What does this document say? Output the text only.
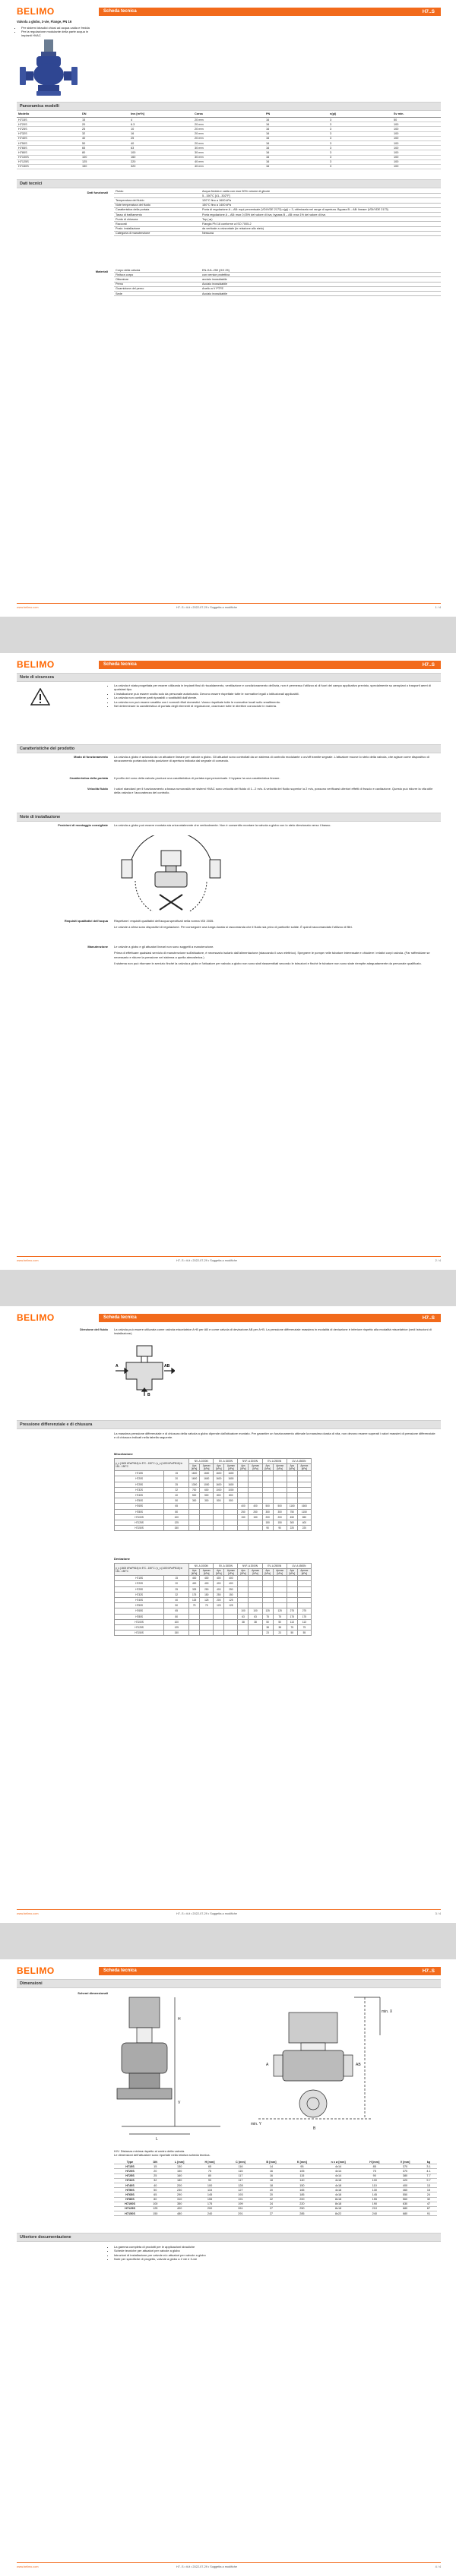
BELIMO	Scheda tecnica	H7..S
Valvola a globo, 3-vie, Flange, PN 16
• Per sistemi idraulici chiusi ad acqua calda e fredda
• Per la regolazione modulante della parte acqua in impianti HVAC
Panoramica modelli
Modello	DN	kvs [m³/h]	Corsa	PN	n(gl)	Sv min.
H715S	15	4	20 mm	16	3	50
H720S	20	6.3	20 mm	16	3	100
H725S	25	10	20 mm	16	3	100
H732S	32	16	20 mm	16	3	100
H740S	40	25	20 mm	16	3	100
H750S	50	40	20 mm	16	3	100
H765S	65	63	30 mm	16	3	100
H780S	80	100	30 mm	16	3	100
H7100S	100	160	30 mm	16	3	100
H7125S	125	220	40 mm	16	3	100
H7150S	150	320	40 mm	16	3	100
Dati tecnici
Dati funzionali	Fluido	Acqua fredda e calda con max 50% volume di glicole
	5...150°C [41...302°F]
Temperatura del fluido	120°C fino a 1600 kPa
Note temperatura del fluido	150°C fino a 1400 kPa
Caratteristica della portata	Porta di regolazione A – AB: equi percentuale (VDI/VDE 2173) n(gl) = 3, ottimizzata nel range di apertura. Bypass B – AB: lineare (VDI/VDE 2173)
Tasso di trafilamento	Porta regolazione A – AB: max 0,05% del valore di kvs; bypass B – AB: max 1% del valore di kvs
Punto di chiusura	Top (▲)
Raccordi	Flangia PN 16 conforme a ISO 7005-2
Posiz. installazione	da verticale a orizzontale (in relazione allo stelo)
Categoria di manutenzione	Nessuna
Materiali	Corpo della valvola	EN-GJL-250 (GG 25)
Finitura corpo	con vernice protettiva
Otturatore	acciaio inossidabile
Perno	Acciaio inossidabile
Guarnizione del perno	Anello a V PTFE
Sede	Acciaio inossidabile
www.belimo.com	H7..S • it-it • 2022-07-29 • Soggetta a modifiche	1 / 4
BELIMO	Scheda tecnica	H7..S
Note di sicurezza
• La valvola è stata progettata per essere utilizzata in impianti fissi di riscaldamento, ventilazione e condizionamento dell'aria, non è permesso l'utilizzo al di fuori del campo applicativo previsto, specialmente su aeroplani o trasporti aerei di qualsiasi tipo.
• L'installazione può essere svolta solo da personale autorizzato. Devono essere rispettate tutte le normative legali o istituzionali applicabili.
• La valvola non contiene parti riparabili o sostituibili dall'utente.
• La valvola non può essere smaltita con i normali rifiuti domestici. Vanno rispettate tutte le normative locali sullo smaltimento.
• Nel determinare la caratteristica di portata degli elementi di regolazione, osservare tutte le direttive conosciute in materia.
Caratteristiche del prodotto
Modo di funzionamento La valvola a globo è azionata da un attuatore lineare per valvole a globo. Gli attuatori sono controllati da un sistema di controllo modulante o on/off tramite segnale. L'attuatore muove lo stelo della valvola, che agisce come dispositivo di strozzamento portandolo nella posizione di apertura indicata dal segnale di comando.
Caratteristica della portata Il profilo del cono della valvola produce una caratteristica di portata equi-percentuale. Il bypass ha una caratteristica lineare.
Velocità fluido I valori standard per il funzionamento a bassa rumorosità nei sistemi HVAC sono velocità del fluido di 1...2 m/s. A velocità del fluido superiori a 2 m/s, possono verificarsi ulteriori effetti di fruscio e cavitazione. Questo può ridurre la vita utile della valvola e l'accuratezza del controllo.
Note di installazione
Posizioni di montaggio consigliate La valvola a globo può essere montata sia orizzontalmente che verticalmente. Non è consentito montare la valvola a globo con lo stelo direzionato verso il basso.
Requisiti qualitativi dell'acqua Rispettare i requisiti qualitativi dell'acqua specificati nella norma VDI 2035.

Le valvole a sfera sono dispositivi di regolazione. Per conseguire una lunga durata si raccomanda che il fluido sia privo di particelle solide. È quindi raccomandato l'utilizzo di filtri.

Manutenzione Le valvole a globo e gli attuatori lineari non sono soggetti a manutenzione.

Prima di effettuare qualsiasi servizio di manutenzione sull'attuatore, è necessario isolarlo dall'alimentazione (staccando il cavo elettrico). Spegnere le pompe nelle tubature interessate e chiudere i relativi corpi valvola. (Far raffreddare se necessario e ridurre la pressione nel sistema a quella atmosferica.)

Il sistema non può ritornare in servizio finché la valvola a globo e l'attuatore per valvola a globo non sono stati riassemblati secondo le istruzioni e finché le tubature non sono state riempite adeguatamente da personale qualificato.

www.belimo.com	H7..S • it-it • 2022-07-29 • Soggetta a modifiche	2 / 4
BELIMO	Scheda tecnica	H7..S
Direzione del fluido La valvola può essere utilizzata come valvola miscelatrice A+B per AB e come valvola di deviazione AB per A+B. La pressione differenziale massima in modalità di deviazione è inferiore rispetto alla modalità miscelatrice (vedi Istruzioni di installazione).
A	AB
B
Pressione differenziale e di chiusura
La massima pressione differenziale e di chiusura della valvola a globo dipende dall'attuatore montato. Per garantire un funzionamento ottimale la massima durata di vita, non devono essere superati i valori massimi di pressione differenziale e di chiusura indicati nella tabella seguente.
Miscelazione
p_s (1600 kPa/PN16) in 5°C...150°C / p_s (1400 kPa/PN16) in 151...150°C		NV..A 1000N		SV..A 1500N		NVF..A 2000N		EV..A 2500N		UV..A 4500N	
		Δps [kPa]	Δpmax [kPa]	Δps [kPa]	Δpmax [kPa]	Δps [kPa]	Δpmax [kPa]	Δps [kPa]	Δpmax [kPa]	Δps [kPa]	Δpmax [kPa]
H715S	15	1600	1600	1600	1600						
H720S	20	1600	1600	1600	1600						
H725S	25	1300	1000	1600	1600						
H732S	32	700	600	1000	1000						
H740S	40	500	500	800	800						
H750S	50	300	300	500	500						
H765S	65					400	400	500	500	1160	1600
H780S	80					250	250	300	300	750	1150
H7100S	100					150	150	200	200	450	650
H7125S	125							150	150	300	400
H7150S	150							90	90	220	220
Deviazione
p_s (1600 kPa/PN16) in 5°C...150°C / p_s (1400 kPa/PN16) in 151...150°C		NV..A 1000N		SV..A 1500N		NVF..A 2000N		EV..A 2500N		UV..A 4500N	
		Δps [kPa]	Δpmax [kPa]	Δps [kPa]	Δpmax [kPa]	Δps [kPa]	Δpmax [kPa]	Δps [kPa]	Δpmax [kPa]	Δps [kPa]	Δpmax [kPa]
H715S	15	400	400	400	400						
H720S	20	400	400	400	400						
H725S	25	325	250	400	250						
H732S	32	175	150	250	150						
H740S	40	125	125	200	125						
H750S	50	75	75	125	125						
H765S	65					100	100	125	125	275	275
H780S	80					63	63	75	75	175	175
H7100S	100					38	38	50	50	113	113
H7125S	125							38	38	75	75
H7150S	150							23	23	55	55
www.belimo.com	H7..S • it-it • 2022-07-29 • Soggetta a modifiche	3 / 4
BELIMO	Scheda tecnica	H7..S
Dimensioni
Schemi dimensionali
H
V
L
A
B
AB
min. X
min. Y

H/V: Distanza minima rispetto al centro della valvola.

Le dimensioni dell'attuatore sono riportate nella relativa scheda tecnica.

Type	DN	L [mm]	H [mm]	C [mm]	B [mm]	K [mm]	n x ø [mm]	H [mm]	V [mm]	kg
H715S	15	130	65	116	14	95	4x14	85	370	3.1
H720S	20	150	75	115	16	105	4x14	75	370	4.1
H725S	25	160	80	117	16	115	4x14	90	380	7.7
H732S	32	180	90	117	18	140	4x18	100	420	9.7
H740S	40	200	100	128	18	150	4x18	110	400	13
H750S	50	230	115	127	20	165	4x18	130	460	15
H765S	65	290	145	193	20	185	4x18	145	550	24
H780S	80	310	155	191	22	200	8x18	155	560	32
H7100S	100	350	175	199	24	220	8x18	190	630	47
H7125S	125	400	200	261	27	250	8x18	210	680	67
H7150S	150	480	240	291	27	285	8x22	240	680	91
Ulteriore documentazione
• La gamma completa di prodotti per le applicazioni idrauliche
• Schede tecniche per attuatori per valvole a globo
• Istruzioni di installazione per valvole e/o attuatori per valvole a globo
• Note per specifiche di progetto, valvole a globo a 2 vie e 3-vie
www.belimo.com	H7..S • it-it • 2022-07-29 • Soggetta a modifiche	4 / 4
